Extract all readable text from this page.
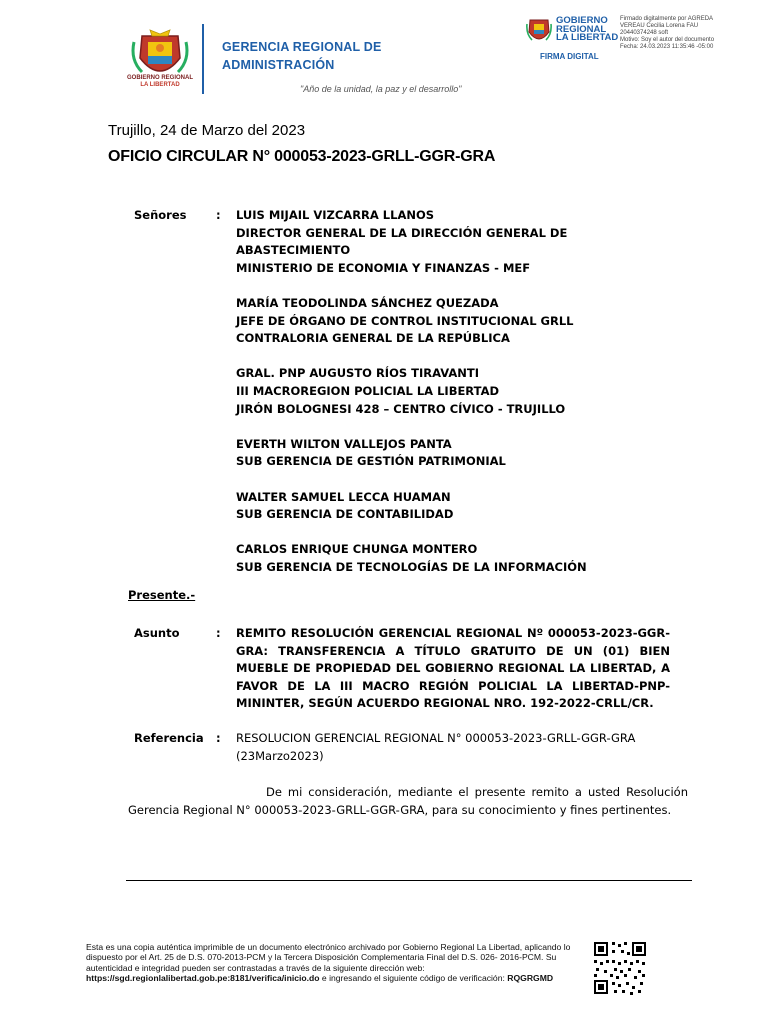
GOBIERNO REGIONAL
LA LIBERTAD
GERENCIA REGIONAL DE
ADMINISTRACIÓN
"Año de la unidad, la paz y el desarrollo"
GOBIERNO
REGIONAL
LA LIBERTAD
FIRMA DIGITAL
Firmado digitalmente por AGREDA
VEREAU Cecilia Lorena FAU
20440374248 soft
Motivo: Soy el autor del documento
Fecha: 24.03.2023 11:35:46 -05:00
Trujillo, 24 de Marzo del 2023
OFICIO CIRCULAR N° 000053-2023-GRLL-GGR-GRA
Señores	: LUIS MIJAIL VIZCARRA LLANOS
DIRECTOR GENERAL DE LA DIRECCIÓN GENERAL DE ABASTECIMIENTO
MINISTERIO DE ECONOMIA Y FINANZAS - MEF
MARÍA TEODOLINDA SÁNCHEZ QUEZADA
JEFE DE ÓRGANO DE CONTROL INSTITUCIONAL GRLL
CONTRALORIA GENERAL DE LA REPÚBLICA
GRAL. PNP AUGUSTO RÍOS TIRAVANTI
III MACROREGION POLICIAL LA LIBERTAD
JIRÓN BOLOGNESI 428 – CENTRO CÍVICO - TRUJILLO
EVERTH WILTON VALLEJOS PANTA
SUB GERENCIA DE GESTIÓN PATRIMONIAL
WALTER SAMUEL LECCA HUAMAN
SUB GERENCIA DE CONTABILIDAD
CARLOS ENRIQUE CHUNGA MONTERO
SUB GERENCIA DE TECNOLOGÍAS DE LA INFORMACIÓN
Presente.-
Asunto	: REMITO RESOLUCIÓN GERENCIAL REGIONAL Nº 000053-2023-GGR-GRA: TRANSFERENCIA A TÍTULO GRATUITO DE UN (01) BIEN MUEBLE DE PROPIEDAD DEL GOBIERNO REGIONAL LA LIBERTAD, A FAVOR DE LA III MACRO REGIÓN POLICIAL LA LIBERTAD-PNP-MININTER, SEGÚN ACUERDO REGIONAL NRO. 192-2022-CRLL/CR.
Referencia : RESOLUCION GERENCIAL REGIONAL N° 000053-2023-GRLL-GGR-GRA (23Marzo2023)
De mi consideración, mediante el presente remito a usted Resolución Gerencia Regional N° 000053-2023-GRLL-GGR-GRA, para su conocimiento y fines pertinentes.
Esta es una copia auténtica imprimible de un documento electrónico archivado por Gobierno Regional La Libertad, aplicando lo dispuesto por el Art. 25 de D.S. 070-2013-PCM y la Tercera Disposición Complementaria Final del D.S. 026- 2016-PCM. Su autenticidad e integridad pueden ser contrastadas a través de la siguiente dirección web: https://sgd.regionlalibertad.gob.pe:8181/verifica/inicio.do e ingresando el siguiente código de verificación: RQGRGMD
